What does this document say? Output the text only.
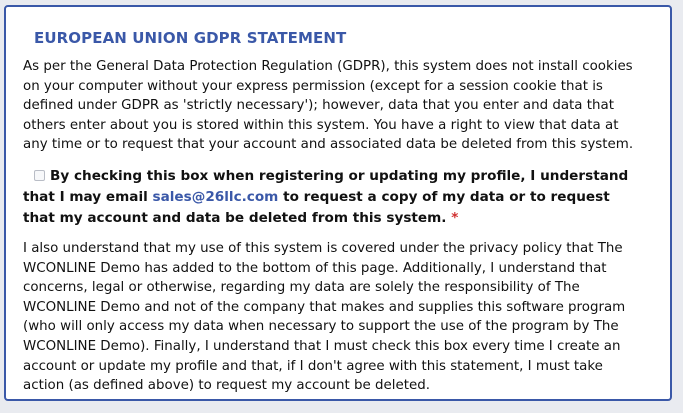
EUROPEAN UNION GDPR STATEMENT

As per the General Data Protection Regulation (GDPR), this system does not install cookies on your computer without your express permission (except for a session cookie that is defined under GDPR as 'strictly necessary'); however, data that you enter and data that others enter about you is stored within this system. You have a right to view that data at any time or to request that your account and associated data be deleted from this system.

By checking this box when registering or updating my profile, I understand that I may email sales@26llc.com to request a copy of my data or to request that my account and data be deleted from this system. *

I also understand that my use of this system is covered under the privacy policy that The WCONLINE Demo has added to the bottom of this page. Additionally, I understand that concerns, legal or otherwise, regarding my data are solely the responsibility of The WCONLINE Demo and not of the company that makes and supplies this software program (who will only access my data when necessary to support the use of the program by The WCONLINE Demo). Finally, I understand that I must check this box every time I create an account or update my profile and that, if I don't agree with this statement, I must take action (as defined above) to request my account be deleted.
